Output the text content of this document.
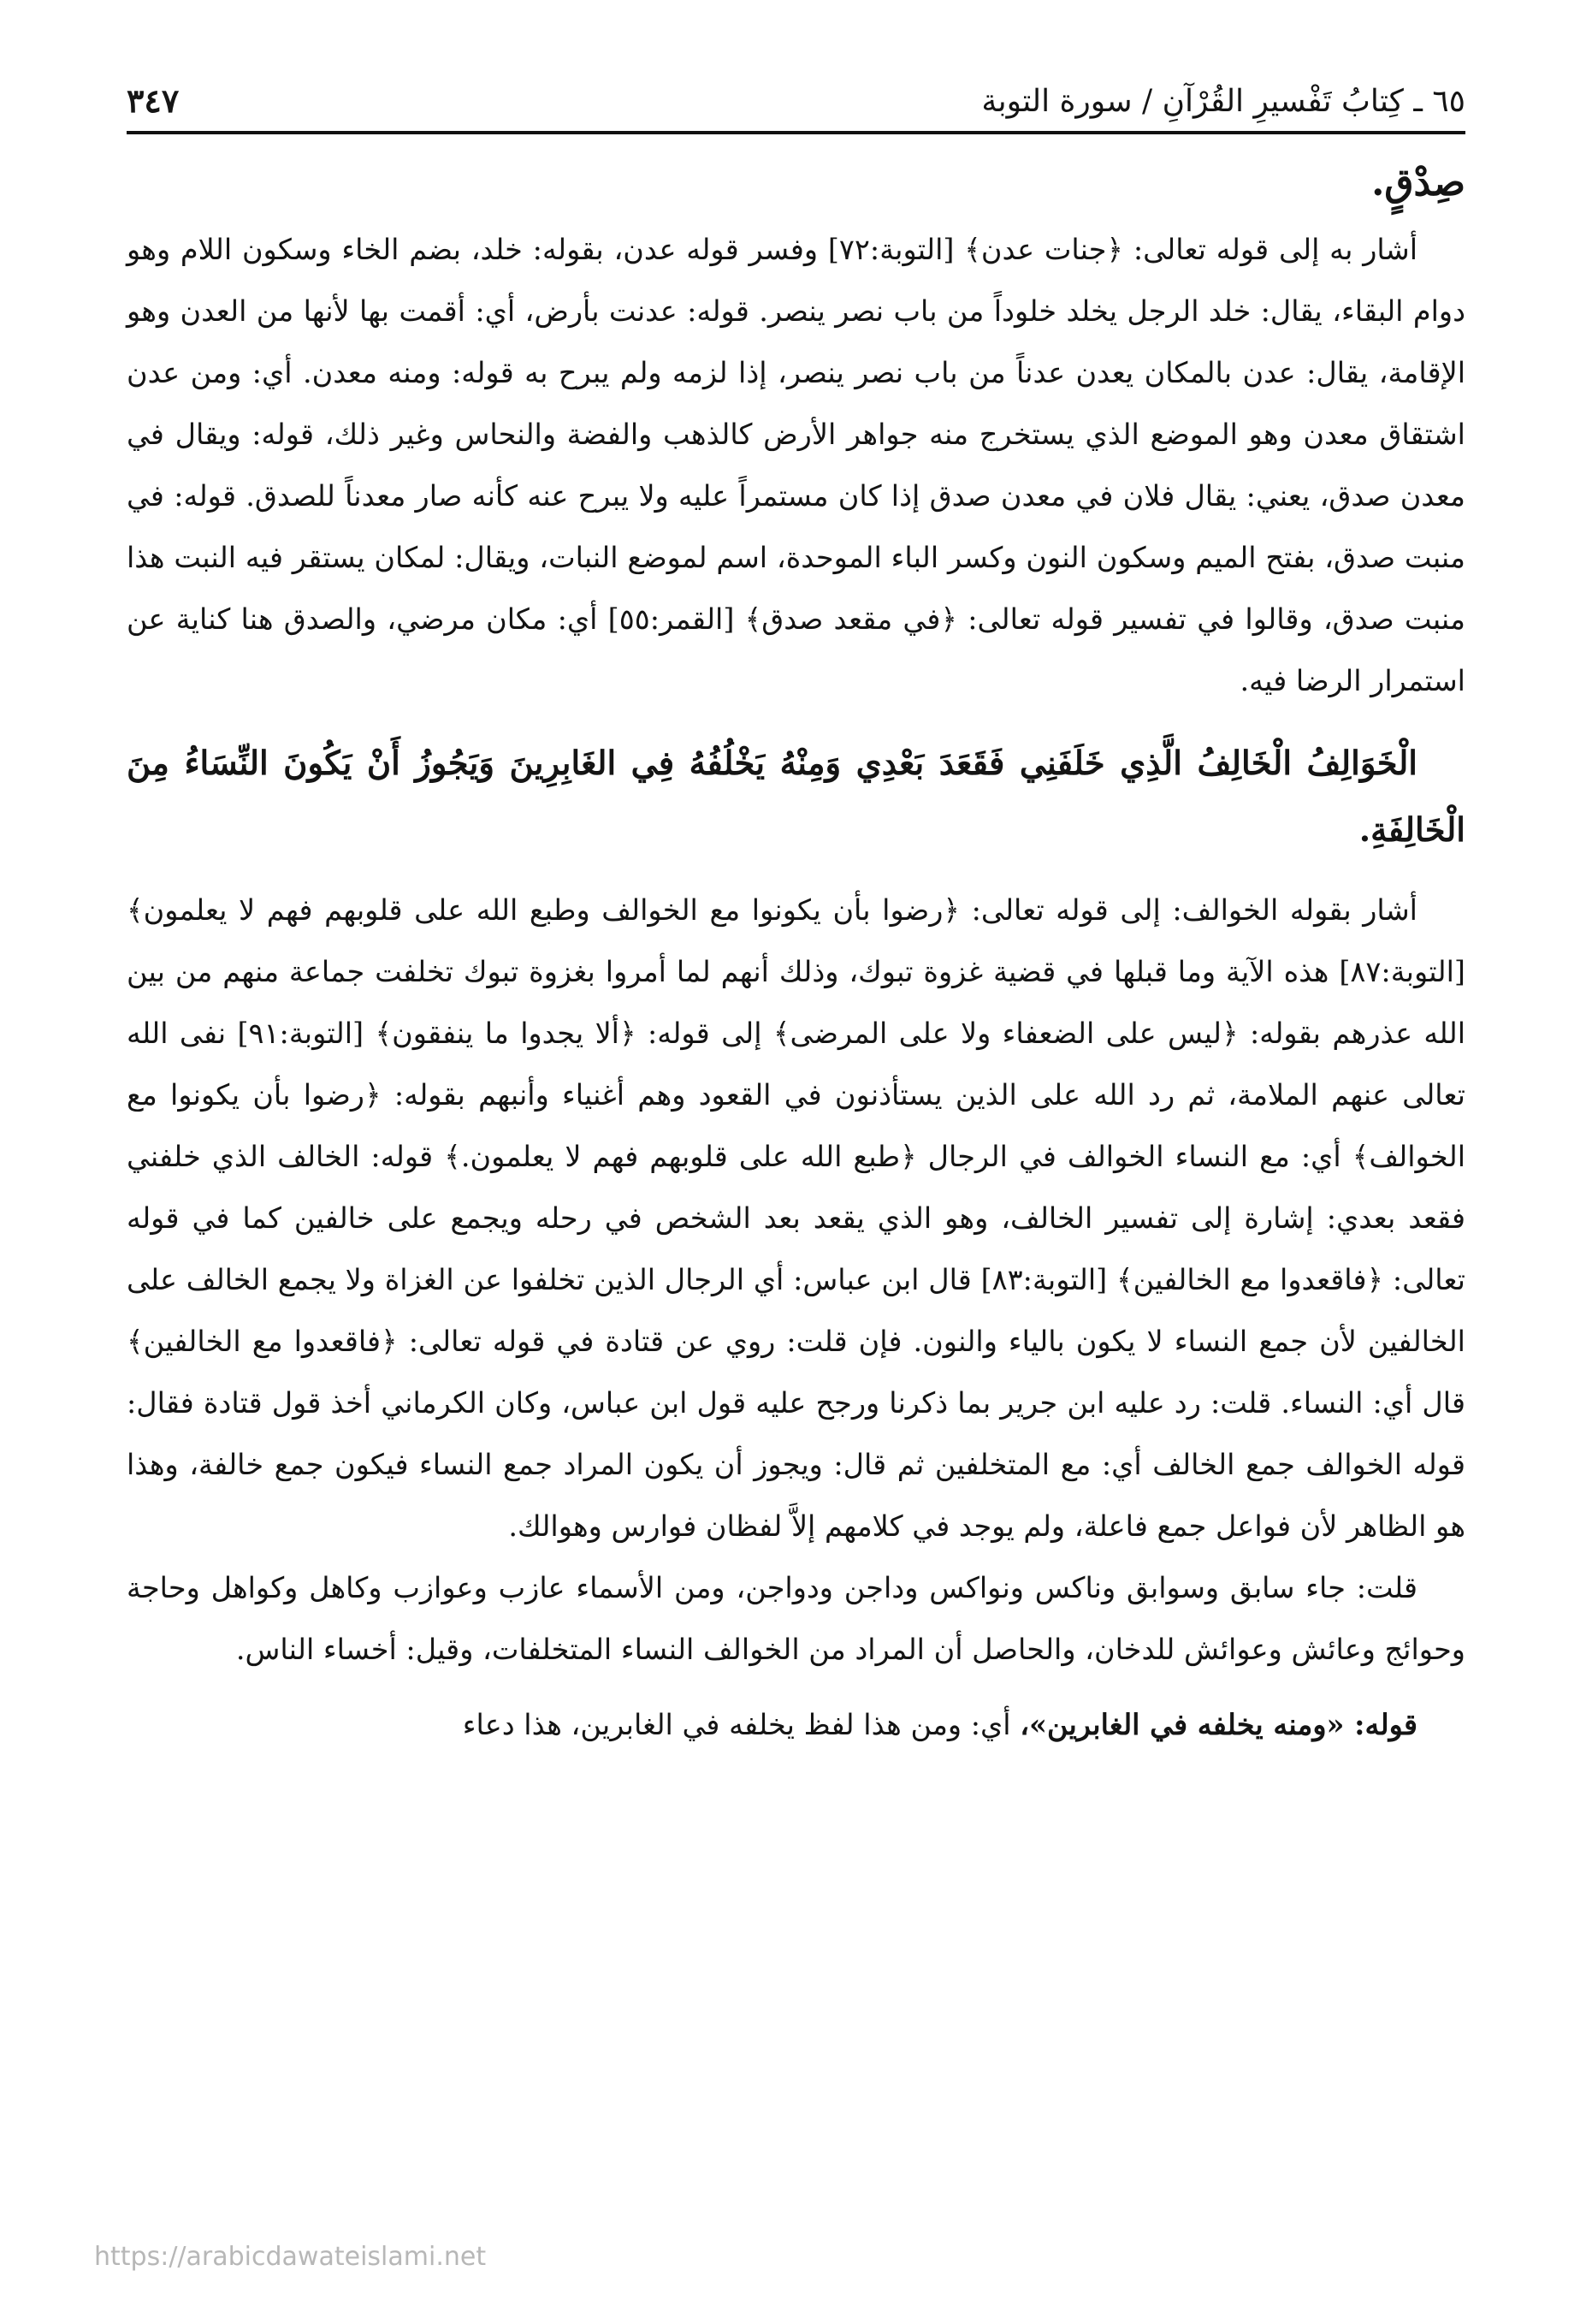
٦٥ ـ كِتابُ تَفْسيرِ القُرْآنِ / سورة التوبة
٣٤٧
صِدْقٍ.

أشار به إلى قوله تعالى: ﴿جنات عدن﴾ [التوبة:٧٢] وفسر قوله عدن، بقوله: خلد، بضم الخاء وسكون اللام وهو دوام البقاء، يقال: خلد الرجل يخلد خلوداً من باب نصر ينصر. قوله: عدنت بأرض، أي: أقمت بها لأنها من العدن وهو الإقامة، يقال: عدن بالمكان يعدن عدناً من باب نصر ينصر، إذا لزمه ولم يبرح به قوله: ومنه معدن. أي: ومن عدن اشتقاق معدن وهو الموضع الذي يستخرج منه جواهر الأرض كالذهب والفضة والنحاس وغير ذلك، قوله: ويقال في معدن صدق، يعني: يقال فلان في معدن صدق إذا كان مستمراً عليه ولا يبرح عنه كأنه صار معدناً للصدق. قوله: في منبت صدق، بفتح الميم وسكون النون وكسر الباء الموحدة، اسم لموضع النبات، ويقال: لمكان يستقر فيه النبت هذا منبت صدق، وقالوا في تفسير قوله تعالى: ﴿في مقعد صدق﴾ [القمر:٥٥] أي: مكان مرضي، والصدق هنا كناية عن استمرار الرضا فيه.

الْخَوَالِفُ الْخَالِفُ الَّذِي خَلَفَنِي فَقَعَدَ بَعْدِي وَمِنْهُ يَخْلُفُهُ فِي الغَابِرِينَ وَيَجُوزُ أَنْ يَكُونَ النِّسَاءُ مِنَ الْخَالِفَةِ.

أشار بقوله الخوالف: إلى قوله تعالى: ﴿رضوا بأن يكونوا مع الخوالف وطبع الله على قلوبهم فهم لا يعلمون﴾ [التوبة:٨٧] هذه الآية وما قبلها في قضية غزوة تبوك، وذلك أنهم لما أمروا بغزوة تبوك تخلفت جماعة منهم من بين الله عذرهم بقوله: ﴿ليس على الضعفاء ولا على المرضى﴾ إلى قوله: ﴿ألا يجدوا ما ينفقون﴾ [التوبة:٩١] نفى الله تعالى عنهم الملامة، ثم رد الله على الذين يستأذنون في القعود وهم أغنياء وأنبهم بقوله: ﴿رضوا بأن يكونوا مع الخوالف﴾ أي: مع النساء الخوالف في الرجال ﴿طبع الله على قلوبهم فهم لا يعلمون.﴾ قوله: الخالف الذي خلفني فقعد بعدي: إشارة إلى تفسير الخالف، وهو الذي يقعد بعد الشخص في رحله ويجمع على خالفين كما في قوله تعالى: ﴿فاقعدوا مع الخالفين﴾ [التوبة:٨٣] قال ابن عباس: أي الرجال الذين تخلفوا عن الغزاة ولا يجمع الخالف على الخالفين لأن جمع النساء لا يكون بالياء والنون. فإن قلت: روي عن قتادة في قوله تعالى: ﴿فاقعدوا مع الخالفين﴾ قال أي: النساء. قلت: رد عليه ابن جرير بما ذكرنا ورجح عليه قول ابن عباس، وكان الكرماني أخذ قول قتادة فقال: قوله الخوالف جمع الخالف أي: مع المتخلفين ثم قال: ويجوز أن يكون المراد جمع النساء فيكون جمع خالفة، وهذا هو الظاهر لأن فواعل جمع فاعلة، ولم يوجد في كلامهم إلاَّ لفظان فوارس وهوالك.

قلت: جاء سابق وسوابق وناكس ونواكس وداجن ودواجن، ومن الأسماء عازب وعوازب وكاهل وكواهل وحاجة وحوائج وعائش وعوائش للدخان، والحاصل أن المراد من الخوالف النساء المتخلفات، وقيل: أخساء الناس.

قوله: «ومنه يخلفه في الغابرين»، أي: ومن هذا لفظ يخلفه في الغابرين، هذا دعاء

https://arabicdawateislami.net
